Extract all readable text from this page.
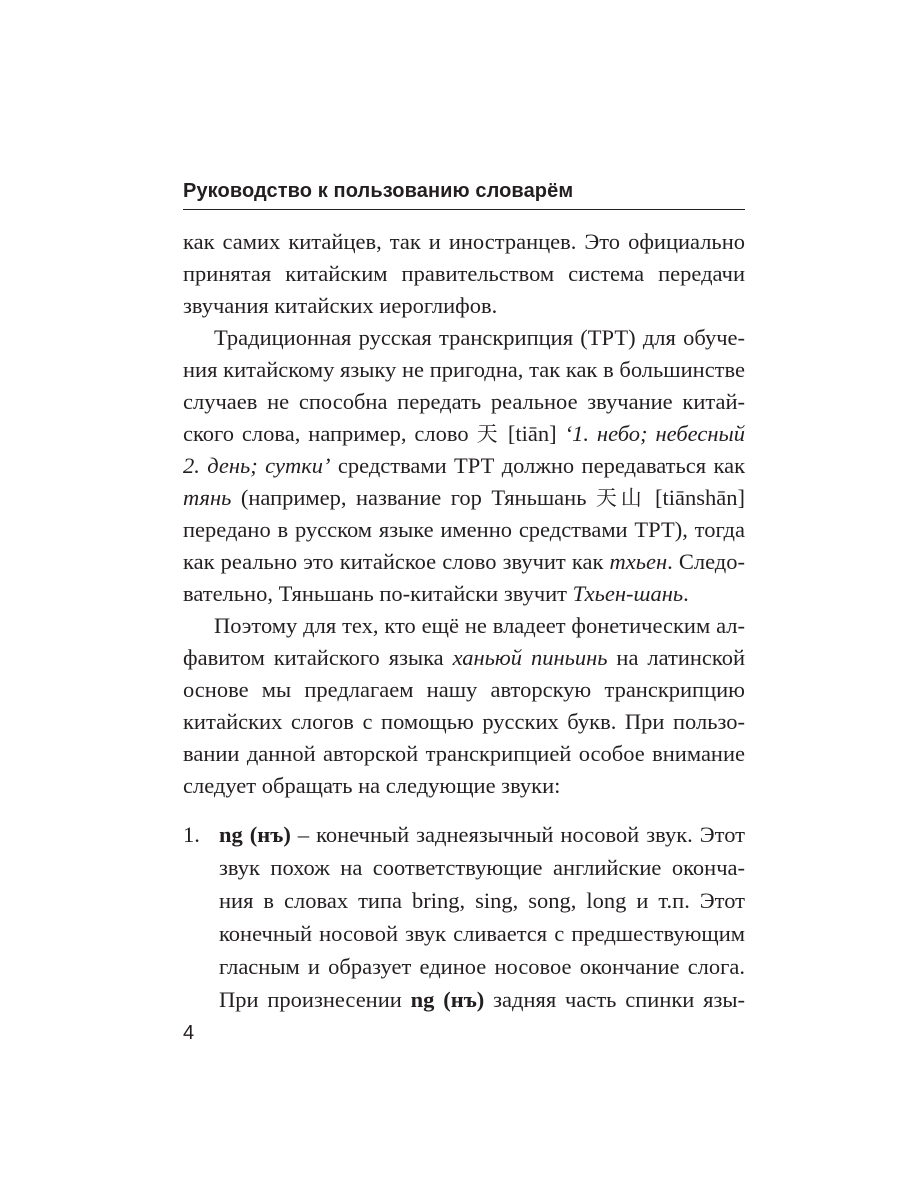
Руководство к пользованию словарём
как самих китайцев, так и иностранцев. Это официально
принятая китайским правительством система передачи
звучания китайских иероглифов.
Традиционная русская транскрипция (ТРТ) для обуче-
ния китайскому языку не пригодна, так как в большинстве
случаев не способна передать реальное звучание китай-
ского слова, например, слово 天 [tiān] ‘1. небо; небесный
2. день; сутки’ средствами ТРТ должно передаваться как
тянь (например, название гор Тяньшань 天山 [tiānshān]
передано в русском языке именно средствами ТРТ), тогда
как реально это китайское слово звучит как тхьен. Следо-
вательно, Тяньшань по-китайски звучит Тхьен-шань.
Поэтому для тех, кто ещё не владеет фонетическим ал-
фавитом китайского языка ханьюй пиньинь на латинской
основе мы предлагаем нашу авторскую транскрипцию
китайских слогов с помощью русских букв. При пользо-
вании данной авторской транскрипцией особое внимание
следует обращать на следующие звуки:
1. ng (нъ) – конечный заднеязычный носовой звук. Этот
звук похож на соответствующие английские оконча-
ния в словах типа bring, sing, song, long и т.п. Этот
конечный носовой звук сливается с предшествующим
гласным и образует единое носовое окончание слога.
При произнесении ng (нъ) задняя часть спинки язы-
4
